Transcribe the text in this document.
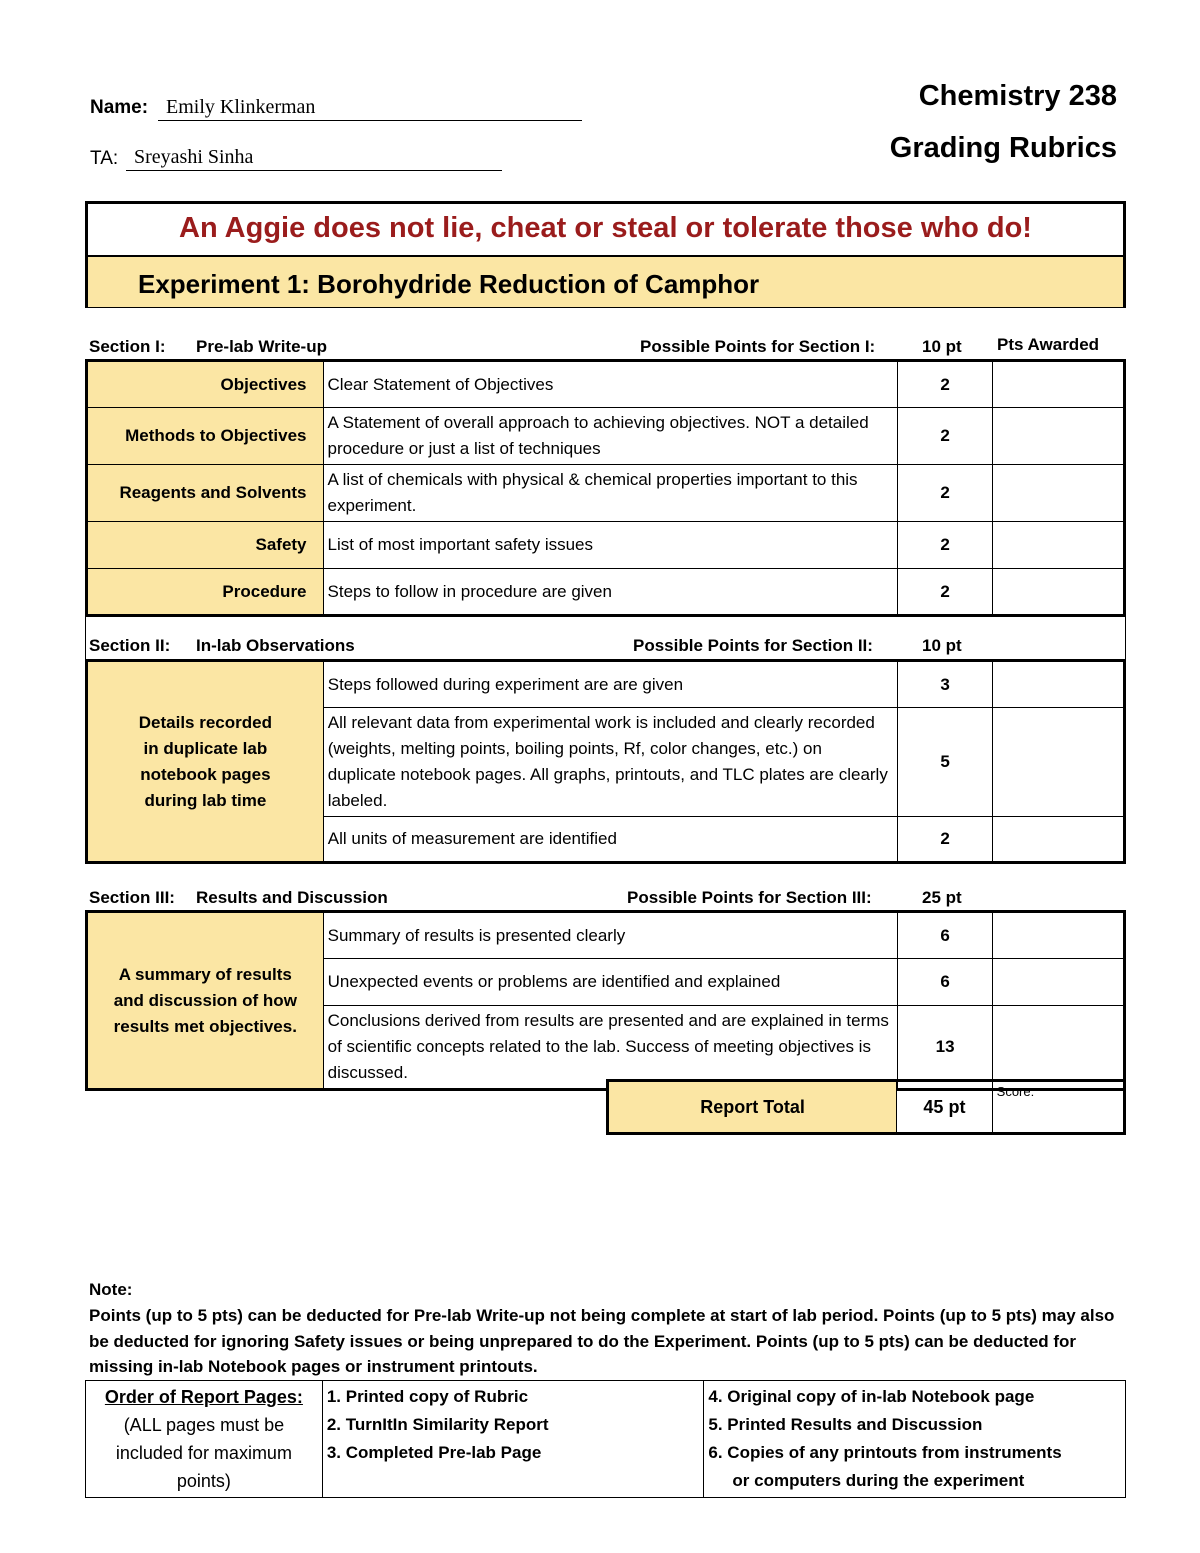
Name: Emily Klinkerman
TA: Sreyashi Sinha
Chemistry 238
Grading Rubrics
An Aggie does not lie, cheat or steal or tolerate those who do!
Experiment 1: Borohydride Reduction of Camphor
Section I: Pre-lab Write-up	Possible Points for Section I:	10 pt Pts Awarded
Objectives	Clear Statement of Objectives	2	
Methods to Objectives	A Statement of overall approach to achieving objectives. NOT a detailed procedure or just a list of techniques	2	
Reagents and Solvents	A list of chemicals with physical & chemical properties important to this experiment.	2	
Safety	List of most important safety issues	2	
Procedure	Steps to follow in procedure are given	2	
Section II: In-lab Observations	Possible Points for Section II:	10 pt
Details recorded in duplicate lab notebook pages during lab time	Steps followed during experiment are are given	3	
	All relevant data from experimental work is included and clearly recorded (weights, melting points, boiling points, Rf, color changes, etc.) on duplicate notebook pages. All graphs, printouts, and TLC plates are clearly labeled.	5	
	All units of measurement are identified	2	
Section III: Results and Discussion	Possible Points for Section III:	25 pt
A summary of results and discussion of how results met objectives.	Summary of results is presented clearly	6	
	Unexpected events or problems are identified and explained	6	
	Conclusions derived from results are presented and are explained in terms of scientific concepts related to the lab. Success of meeting objectives is discussed.	13	
Report Total	45 pt	Score:
Note:
Points (up to 5 pts) can be deducted for Pre-lab Write-up not being complete at start of lab period. Points (up to 5 pts) may also be deducted for ignoring Safety issues or being unprepared to do the Experiment. Points (up to 5 pts) can be deducted for missing in-lab Notebook pages or instrument printouts.
Order of Report Pages:
(ALL pages must be included for maximum points)

1. Printed copy of Rubric
2. TurnItIn Similarity Report
3. Completed Pre-lab Page

4. Original copy of in-lab Notebook page
5. Printed Results and Discussion
6. Copies of any printouts from instruments
or computers during the experiment
